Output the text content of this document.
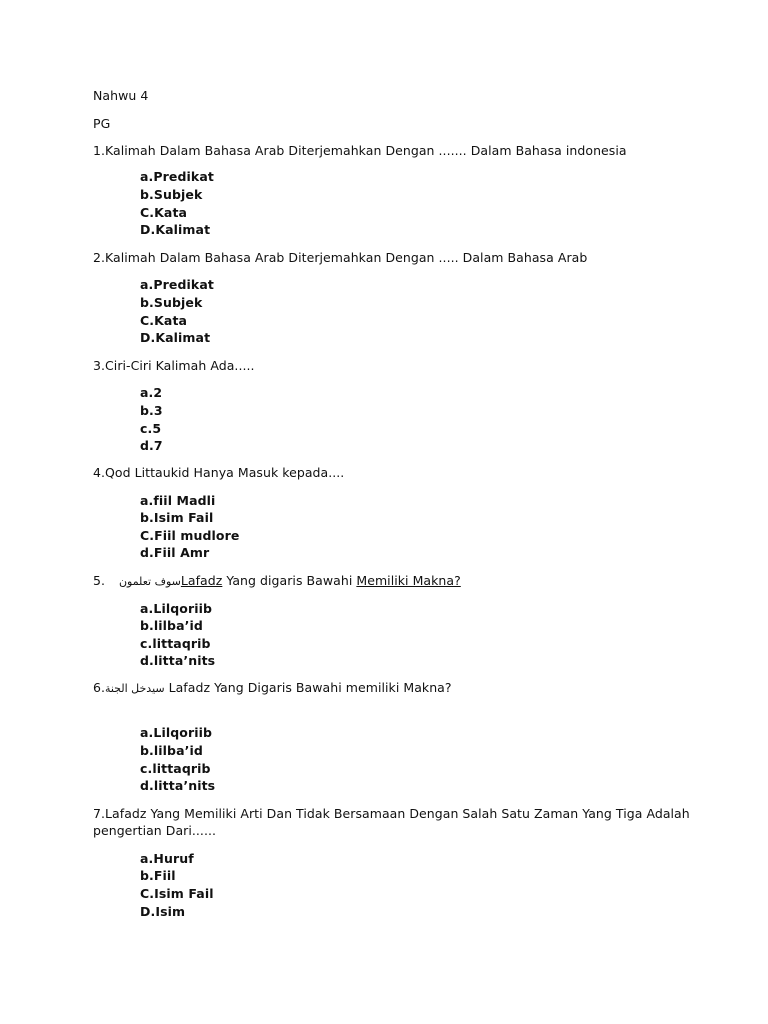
Nahwu 4
PG
1.Kalimah Dalam Bahasa Arab Diterjemahkan Dengan ....... Dalam Bahasa indonesia
a.Predikat
b.Subjek
C.Kata
D.Kalimat
2.Kalimah Dalam Bahasa Arab Diterjemahkan Dengan ..... Dalam Bahasa Arab
a.Predikat
b.Subjek
C.Kata
D.Kalimat
3.Ciri-Ciri Kalimah Ada.....
a.2
b.3
c.5
d.7
4.Qod Littaukid Hanya Masuk kepada....
a.fiil Madli
b.Isim Fail
C.Fiil mudlore
d.Fiil Amr
5. سوف تعلمونLafadz Yang digaris Bawahi Memiliki Makna?
a.Lilqoriib
b.lilba’id
c.littaqrib
d.litta’nits
6.سيدخل الجنة Lafadz Yang Digaris Bawahi memiliki Makna?
a.Lilqoriib
b.lilba’id
c.littaqrib
d.litta’nits
7.Lafadz Yang Memiliki Arti Dan Tidak Bersamaan Dengan Salah Satu Zaman Yang Tiga Adalah
pengertian Dari......
a.Huruf
b.Fiil
C.Isim Fail
D.Isim
